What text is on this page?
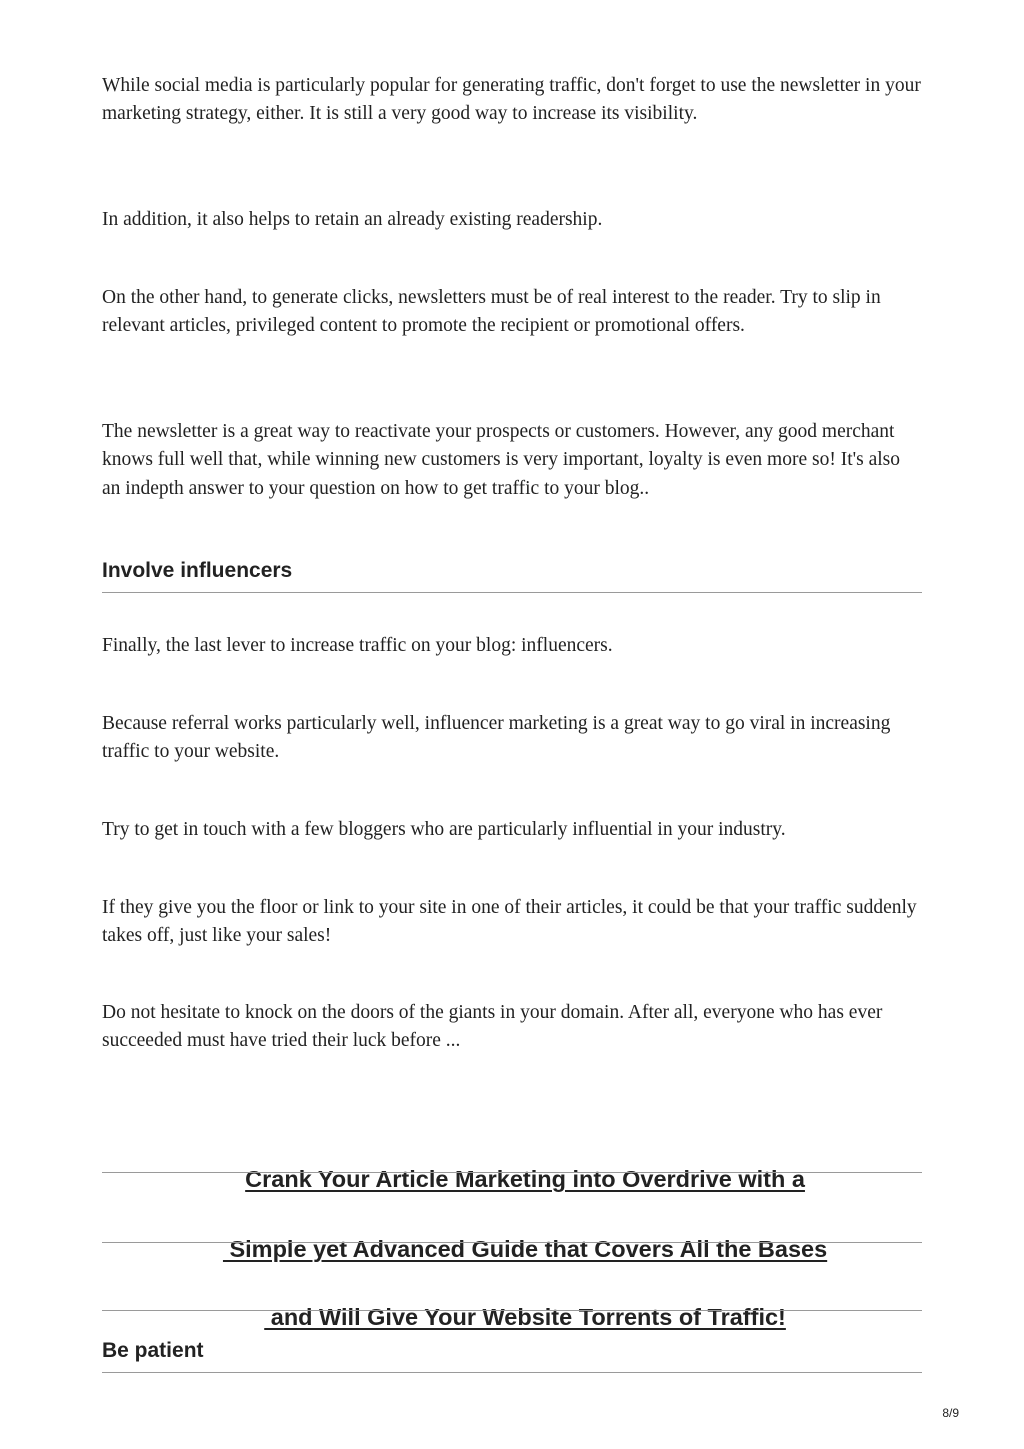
While social media is particularly popular for generating traffic, don't forget to use the newsletter in your marketing strategy, either. It is still a very good way to increase its visibility.

In addition, it also helps to retain an already existing readership.

On the other hand, to generate clicks, newsletters must be of real interest to the reader. Try to slip in relevant articles, privileged content to promote the recipient or promotional offers.

The newsletter is a great way to reactivate your prospects or customers. However, any good merchant knows full well that, while winning new customers is very important, loyalty is even more so! It's also an indepth answer to your question on how to get traffic to your blog..

Involve influencers

Finally, the last lever to increase traffic on your blog: influencers.

Because referral works particularly well, influencer marketing is a great way to go viral in increasing traffic to your website.

Try to get in touch with a few bloggers who are particularly influential in your industry.

If they give you the floor or link to your site in one of their articles, it could be that your traffic suddenly takes off, just like your sales!

Do not hesitate to knock on the doors of the giants in your domain. After all, everyone who has ever succeeded must have tried their luck before ...

Crank Your Article Marketing into Overdrive with a

Simple yet Advanced Guide that Covers All the Bases

and Will Give Your Website Torrents of Traffic!

Be patient
8/9
